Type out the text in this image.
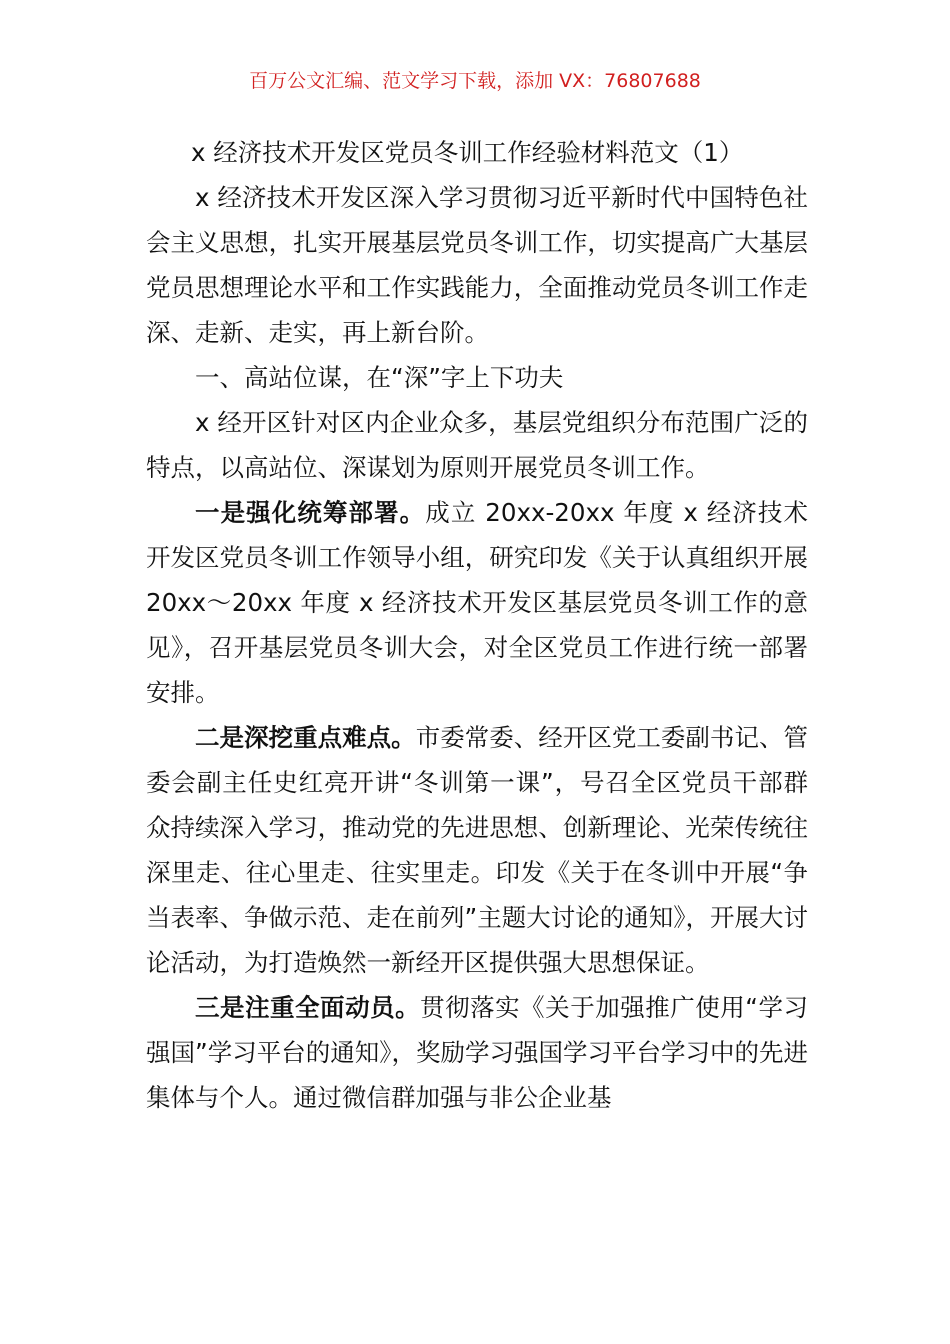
百万公文汇编、范文学习下载，添加 VX：76807688

x 经济技术开发区党员冬训工作经验材料范文（1）

x 经济技术开发区深入学习贯彻习近平新时代中国特色社会主义思想，扎实开展基层党员冬训工作，切实提高广大基层党员思想理论水平和工作实践能力，全面推动党员冬训工作走深、走新、走实，再上新台阶。

一、高站位谋，在“深”字上下功夫

x 经开区针对区内企业众多，基层党组织分布范围广泛的特点，以高站位、深谋划为原则开展党员冬训工作。

一是强化统筹部署。成立 20xx-20xx 年度 x 经济技术开发区党员冬训工作领导小组，研究印发《关于认真组织开展 20xx～20xx 年度 x 经济技术开发区基层党员冬训工作的意见》，召开基层党员冬训大会，对全区党员工作进行统一部署安排。

二是深挖重点难点。市委常委、经开区党工委副书记、管委会副主任史红亮开讲“冬训第一课”，号召全区党员干部群众持续深入学习，推动党的先进思想、创新理论、光荣传统往深里走、往心里走、往实里走。印发《关于在冬训中开展“争当表率、争做示范、走在前列”主题大讨论的通知》，开展大讨论活动，为打造焕然一新经开区提供强大思想保证。

三是注重全面动员。贯彻落实《关于加强推广使用“学习强国”学习平台的通知》，奖励学习强国学习平台学习中的先进集体与个人。通过微信群加强与非公企业基
